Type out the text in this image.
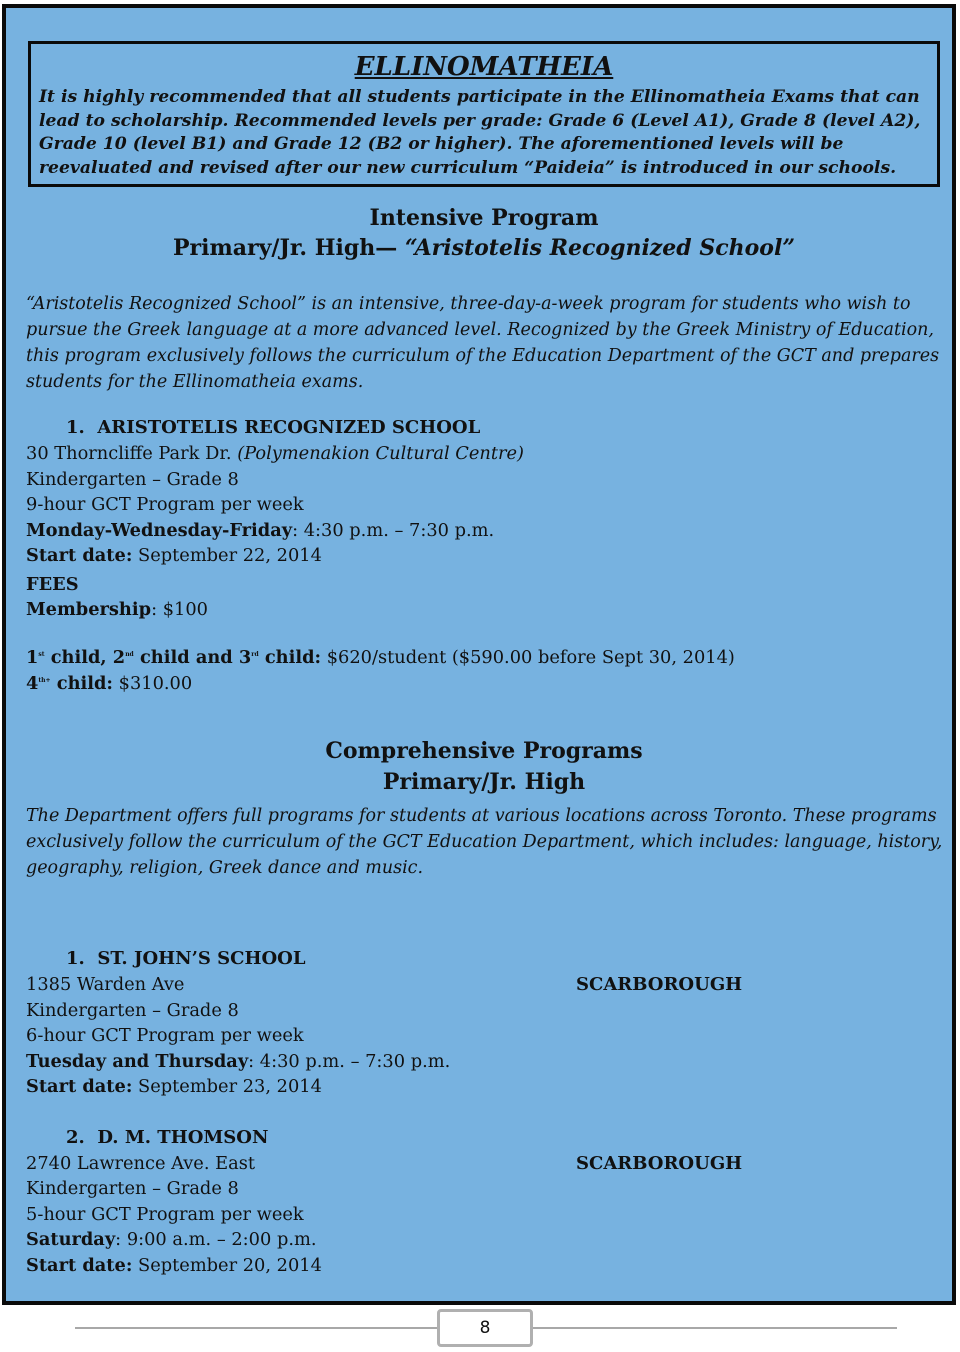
ELLINOMATHEIA
It is highly recommended that all students participate in the Ellinomatheia Exams that can lead to scholarship. Recommended levels per grade: Grade 6 (Level A1), Grade 8 (level A2), Grade 10 (level B1) and Grade 12 (B2 or higher). The aforementioned levels will be reevaluated and revised after our new curriculum “Paideia” is introduced in our schools.
Intensive Program
Primary/Jr. High— “Aristotelis Recognized School”
“Aristotelis Recognized School” is an intensive, three-day-a-week program for students who wish to pursue the Greek language at a more advanced level. Recognized by the Greek Ministry of Education, this program exclusively follows the curriculum of the Education Department of the GCT and prepares students for the Ellinomatheia exams.
1. ARISTOTELIS RECOGNIZED SCHOOL
30 Thorncliffe Park Dr. (Polymenakion Cultural Centre)
Kindergarten – Grade 8
9-hour GCT Program per week
Monday-Wednesday-Friday: 4:30 p.m. – 7:30 p.m.
Start date: September 22, 2014
FEES
Membership: $100
1st child, 2nd child and 3rd child: $620/student ($590.00 before Sept 30, 2014)
$4^{th+}$ child: $310.00
Comprehensive Programs
Primary/Jr. High
The Department offers full programs for students at various locations across Toronto. These programs exclusively follow the curriculum of the GCT Education Department, which includes: language, history, geography, religion, Greek dance and music.
1. ST. JOHN’S SCHOOL
1385 Warden Ave	SCARBOROUGH
Kindergarten – Grade 8
6-hour GCT Program per week
Tuesday and Thursday: 4:30 p.m. – 7:30 p.m.
Start date: September 23, 2014
2. D. M. THOMSON
2740 Lawrence Ave. East	SCARBOROUGH
Kindergarten – Grade 8
5-hour GCT Program per week
Saturday: 9:00 a.m. – 2:00 p.m.
Start date: September 20, 2014
8
